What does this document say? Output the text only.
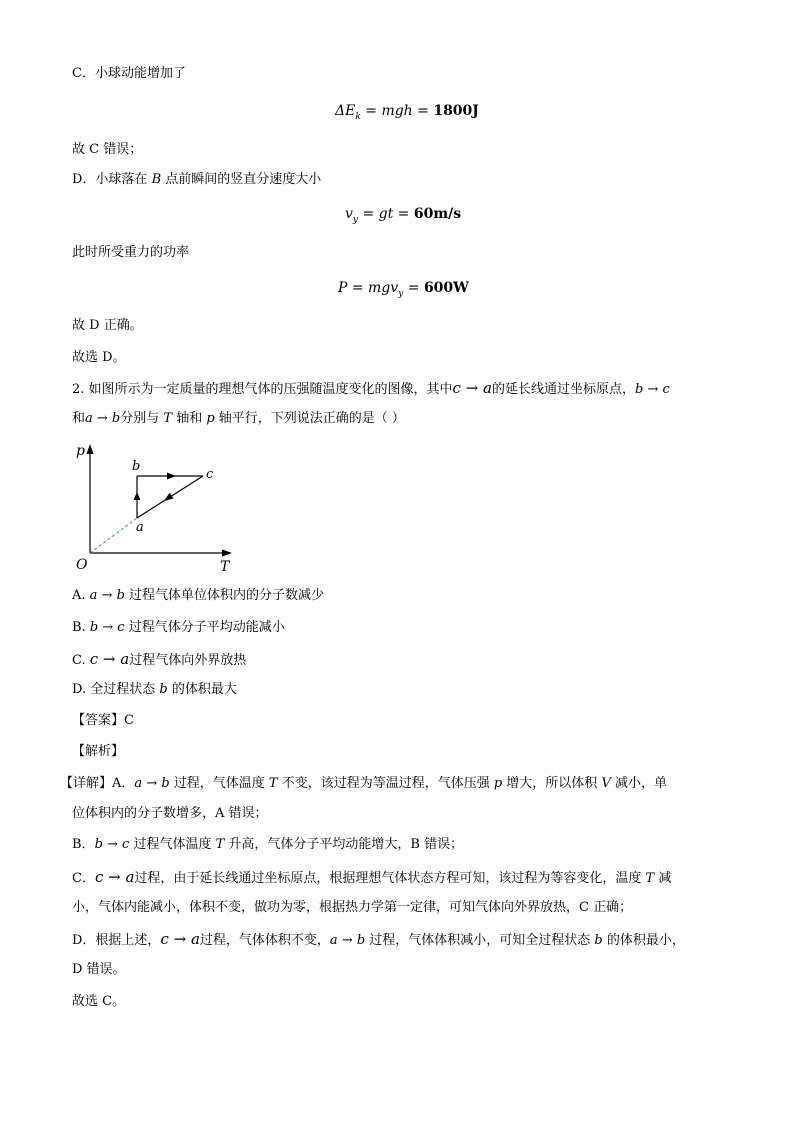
C．小球动能增加了
$\Delta E_k$ = mgh = 1800J
故 C 错误；
D．小球落在 B 点前瞬间的竖直分速度大小
$v_y$ = gt = 60m/s
此时所受重力的功率
P = mgv$_y$ = 600W
故 D 正确。
故选 D。
2. 如图所示为一定质量的理想气体的压强随温度变化的图像，其中c → a的延长线通过坐标原点，b → c
和a → b分别与 T 轴和 p 轴平行，下列说法正确的是（ ）
p
T
O
b
c
a
A. a → b 过程气体单位体积内的分子数减少
B. b → c 过程气体分子平均动能减小
C. c → a过程气体向外界放热
D. 全过程状态 b 的体积最大
【答案】C
【解析】
【详解】A．a → b 过程，气体温度 T 不变，该过程为等温过程，气体压强 p 增大，所以体积 V 减小，单
位体积内的分子数增多，A 错误；
B．b → c 过程气体温度 T 升高，气体分子平均动能增大，B 错误；
C．c → a过程，由于延长线通过坐标原点，根据理想气体状态方程可知，该过程为等容变化，温度 T 减
小，气体内能减小，体积不变，做功为零，根据热力学第一定律，可知气体向外界放热，C 正确；
D．根据上述，c → a过程，气体体积不变，a → b 过程，气体体积减小，可知全过程状态 b 的体积最小，
D 错误。
故选 C。
